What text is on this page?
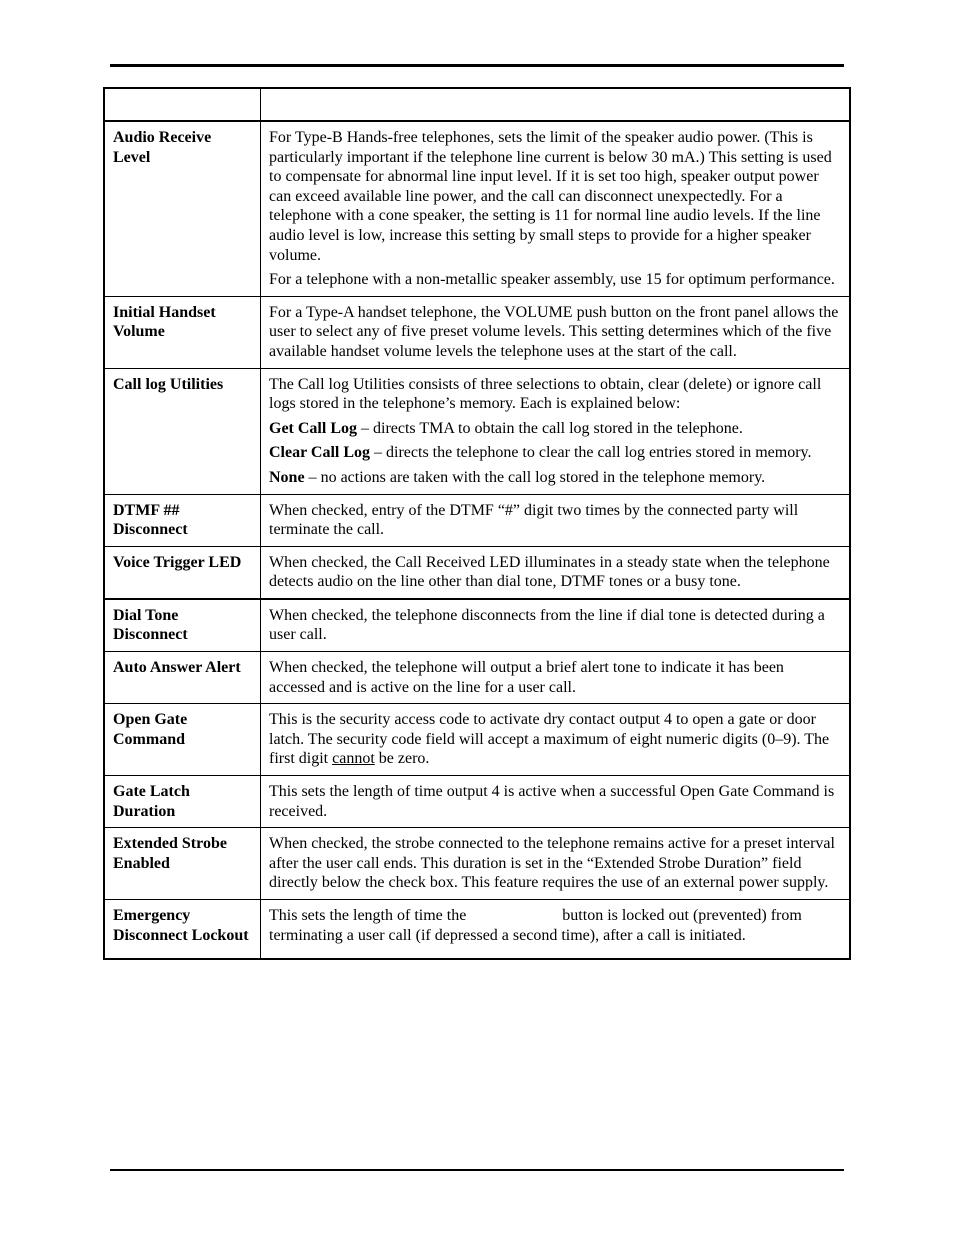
Audio Receive Level	For Type-B Hands-free telephones, sets the limit of the speaker audio power. (This is particularly important if the telephone line current is below 30 mA.) This setting is used to compensate for abnormal line input level. If it is set too high, speaker output power can exceed available line power, and the call can disconnect unexpectedly. For a telephone with a cone speaker, the setting is 11 for normal line audio levels. If the line audio level is low, increase this setting by small steps to provide for a higher speaker volume.

For a telephone with a non-metallic speaker assembly, use 15 for optimum performance.

Initial Handset Volume	For a Type-A handset telephone, the VOLUME push button on the front panel allows the user to select any of five preset volume levels. This setting determines which of the five available handset volume levels the telephone uses at the start of the call.

Call log Utilities	The Call log Utilities consists of three selections to obtain, clear (delete) or ignore call logs stored in the telephone’s memory. Each is explained below:

Get Call Log – directs TMA to obtain the call log stored in the telephone.

Clear Call Log – directs the telephone to clear the call log entries stored in memory.

None – no actions are taken with the call log stored in the telephone memory.

DTMF ## Disconnect	When checked, entry of the DTMF “#” digit two times by the connected party will terminate the call.

Voice Trigger LED	When checked, the Call Received LED illuminates in a steady state when the telephone detects audio on the line other than dial tone, DTMF tones or a busy tone.

Dial Tone Disconnect	When checked, the telephone disconnects from the line if dial tone is detected during a user call.

Auto Answer Alert	When checked, the telephone will output a brief alert tone to indicate it has been accessed and is active on the line for a user call.

Open Gate Command	This is the security access code to activate dry contact output 4 to open a gate or door latch. The security code field will accept a maximum of eight numeric digits (0–9). The first digit cannot be zero.

Gate Latch Duration	This sets the length of time output 4 is active when a successful Open Gate Command is received.

Extended Strobe Enabled	When checked, the strobe connected to the telephone remains active for a preset interval after the user call ends. This duration is set in the “Extended Strobe Duration” field directly below the check box. This feature requires the use of an external power supply.

Emergency Disconnect Lockout	This sets the length of time the button is locked out (prevented) from terminating a user call (if depressed a second time), after a call is initiated.
